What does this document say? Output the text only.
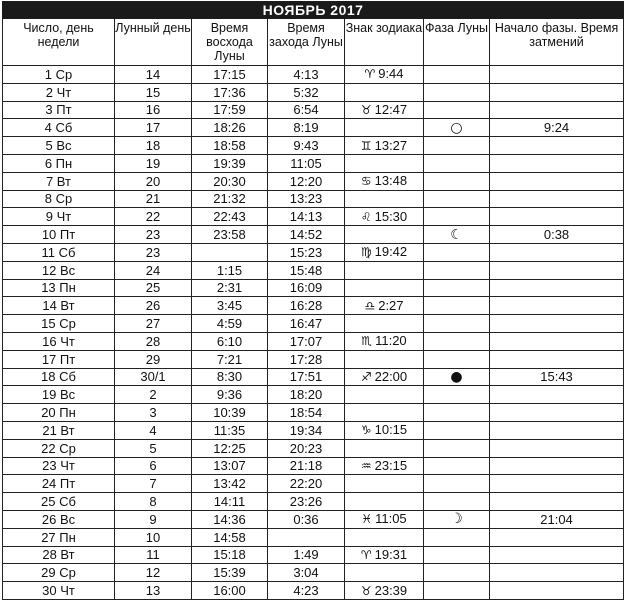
НОЯБРЬ 2017						
Число, день недели	Лунный день	Время восхода Луны	Время захода Луны	Знак зодиака	Фаза Луны	Начало фазы. Время затмений
1 Ср	14	17:15	4:13	♈ 9:44		
2 Чт	15	17:36	5:32			
3 Пт	16	17:59	6:54	♉ 12:47		
4 Сб	17	18:26	8:19		○	9:24
5 Вс	18	18:58	9:43	♊ 13:27		
6 Пн	19	19:39	11:05			
7 Вт	20	20:30	12:20	♋ 13:48		
8 Ср	21	21:32	13:23			
9 Чт	22	22:43	14:13	♌ 15:30		
10 Пт	23	23:58	14:52		☾	0:38
11 Сб	23		15:23	♍ 19:42		
12 Вс	24	1:15	15:48			
13 Пн	25	2:31	16:09			
14 Вт	26	3:45	16:28	♎ 2:27		
15 Ср	27	4:59	16:47			
16 Чт	28	6:10	17:07	♏ 11:20		
17 Пт	29	7:21	17:28			
18 Сб	30/1	8:30	17:51	♐ 22:00	●	15:43
19 Вс	2	9:36	18:20			
20 Пн	3	10:39	18:54			
21 Вт	4	11:35	19:34	♑ 10:15		
22 Ср	5	12:25	20:23			
23 Чт	6	13:07	21:18	♒ 23:15		
24 Пт	7	13:42	22:20			
25 Сб	8	14:11	23:26			
26 Вс	9	14:36	0:36	♓ 11:05	☽	21:04
27 Пн	10	14:58				
28 Вт	11	15:18	1:49	♈ 19:31		
29 Ср	12	15:39	3:04			
30 Чт	13	16:00	4:23	♉ 23:39		
